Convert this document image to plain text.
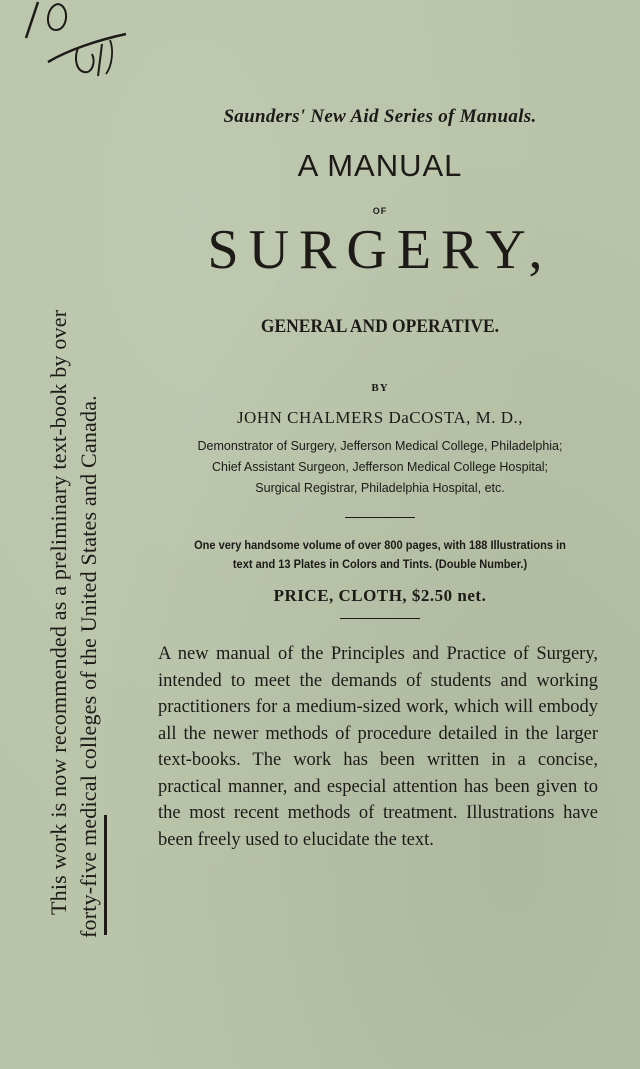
This work is now recommended as a preliminary text-book by over forty-five medical colleges of the United States and Canada.
Saunders' New Aid Series of Manuals.
A MANUAL
OF
SURGERY,
GENERAL AND OPERATIVE.
BY
JOHN CHALMERS DaCOSTA, M. D.,
Demonstrator of Surgery, Jefferson Medical College, Philadelphia; Chief Assistant Surgeon, Jefferson Medical College Hospital; Surgical Registrar, Philadelphia Hospital, etc.
One very handsome volume of over 800 pages, with 188 Illustrations in text and 13 Plates in Colors and Tints. (Double Number.)
PRICE, CLOTH, $2.50 net.
A new manual of the Principles and Practice of Surgery, intended to meet the demands of students and working practitioners for a medium-sized work, which will embody all the newer methods of procedure detailed in the larger text-books. The work has been written in a concise, practical manner, and especial attention has been given to the most recent methods of treatment. Illustrations have been freely used to elucidate the text.
